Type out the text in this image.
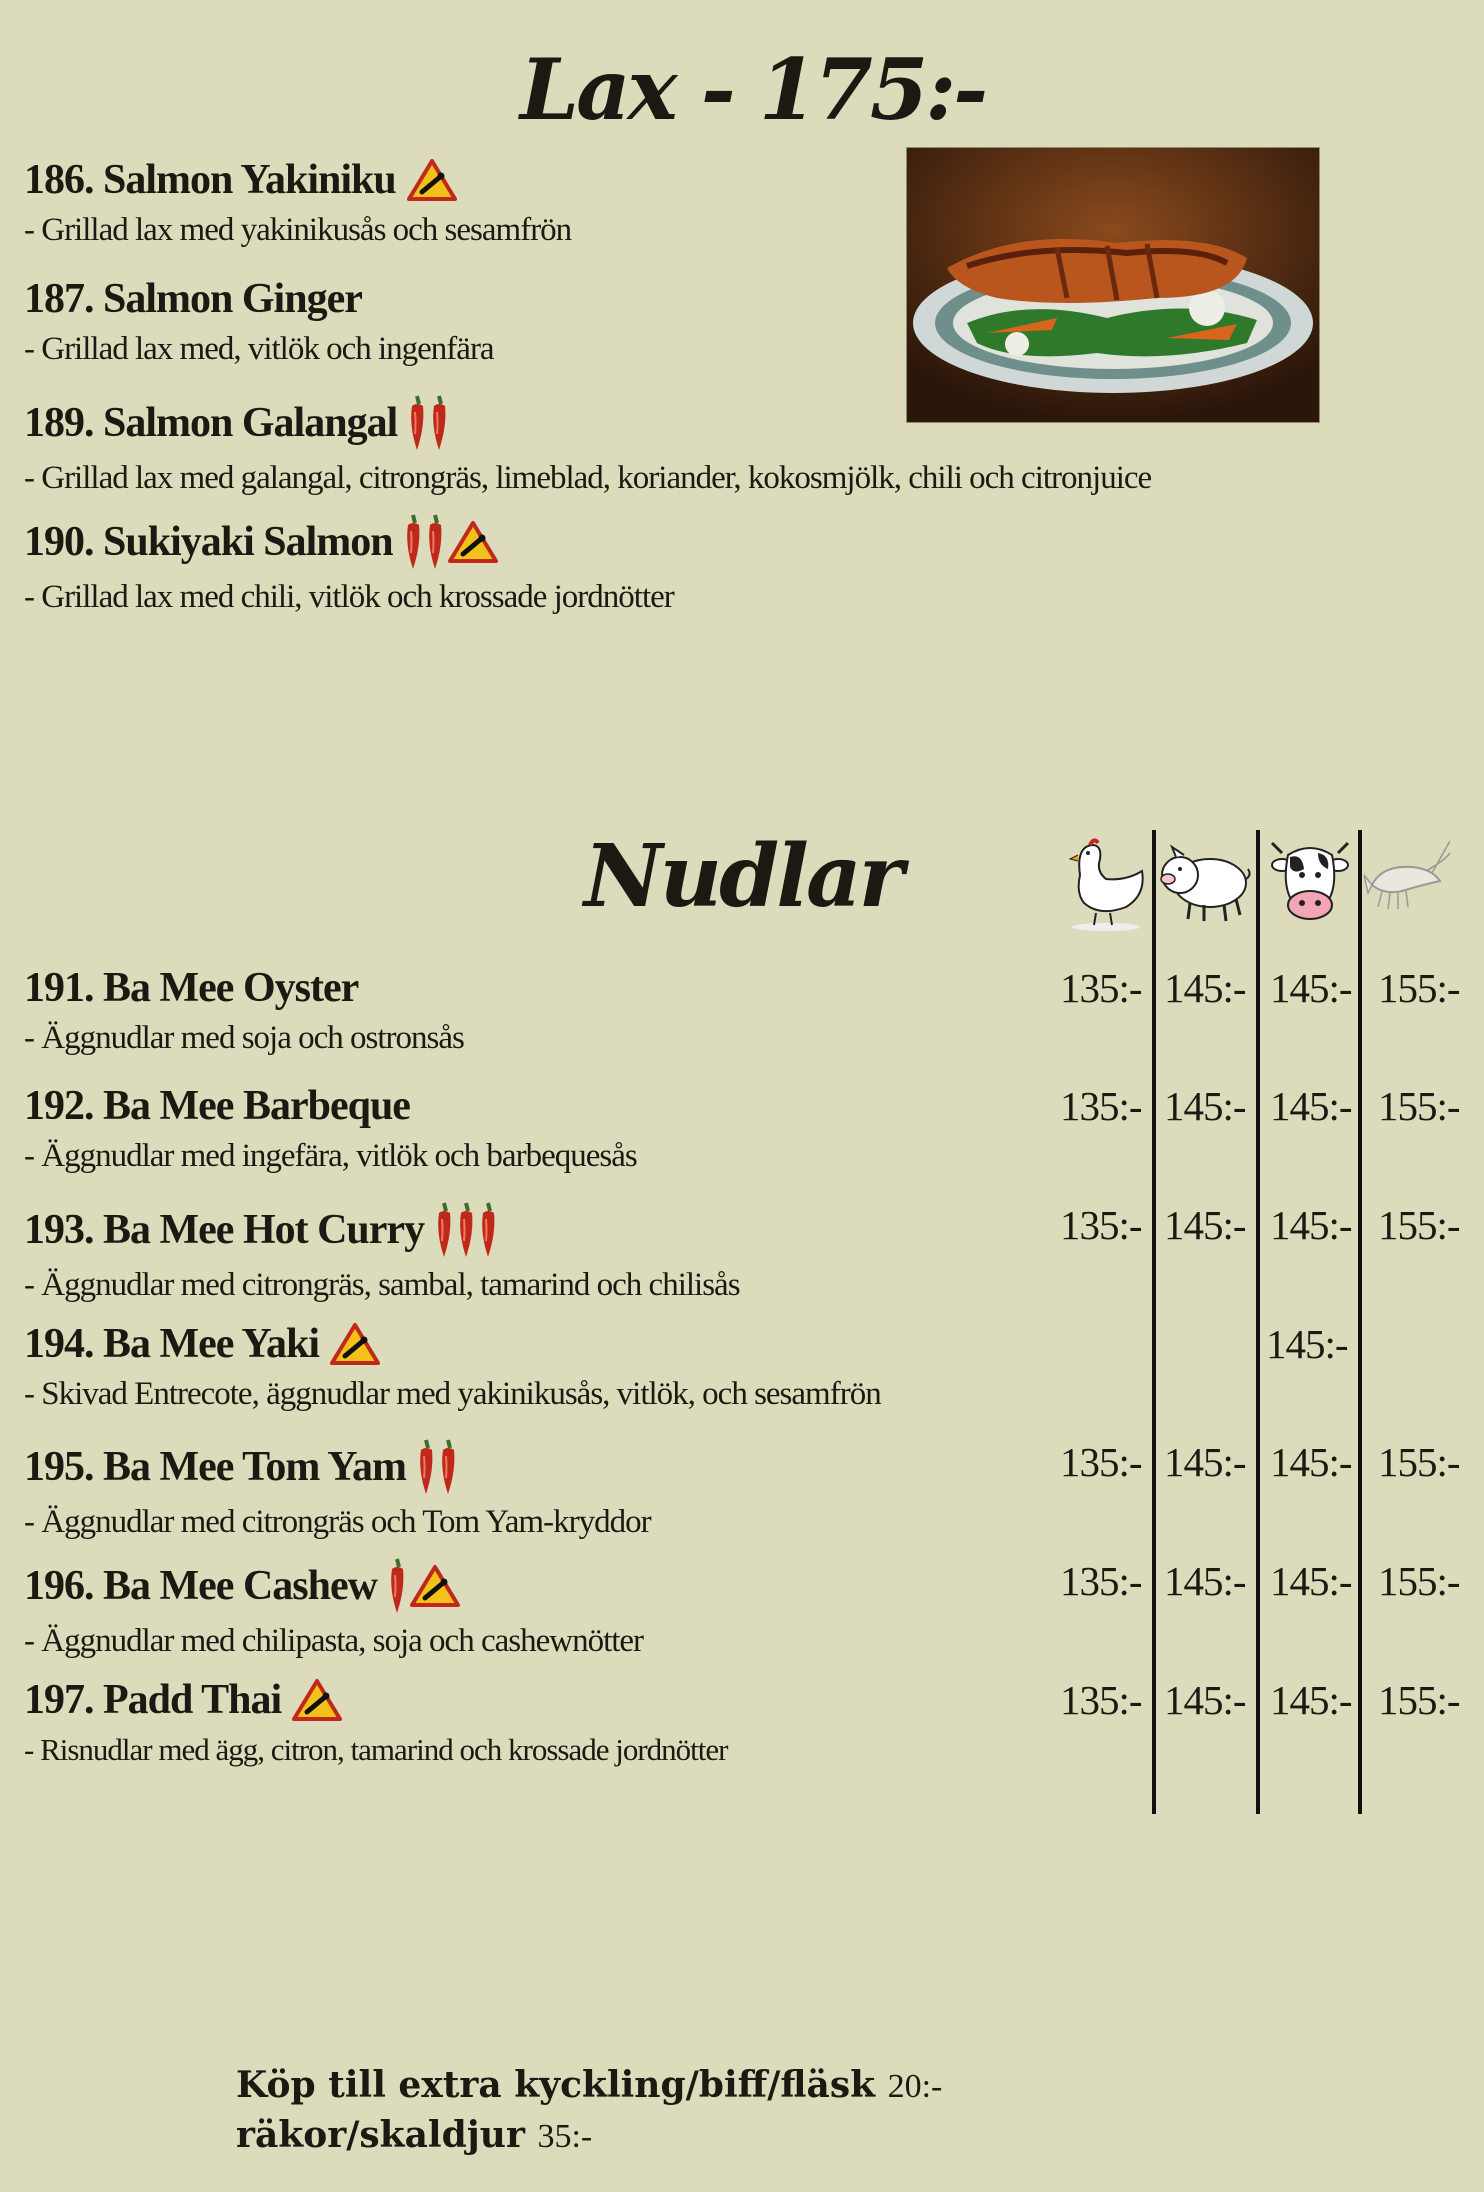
Lax - 175:-
186. Salmon Yakiniku
- Grillad lax med yakinikusås och sesamfrön
187. Salmon Ginger
- Grillad lax med, vitlök och ingenfära
189. Salmon Galangal
- Grillad lax med galangal, citrongräs, limeblad, koriander, kokosmjölk, chili och citronjuice
190. Sukiyaki Salmon
- Grillad lax med chili, vitlök och krossade jordnötter
Nudlar
191. Ba Mee Oyster
- Äggnudlar med soja och ostronsås
135:- 145:- 145:- 155:-
192. Ba Mee Barbeque
- Äggnudlar med ingefära, vitlök och barbequesås
135:- 145:- 145:- 155:-
193. Ba Mee Hot Curry
- Äggnudlar med citrongräs, sambal, tamarind och chilisås
135:- 145:- 145:- 155:-
194. Ba Mee Yaki
- Skivad Entrecote, äggnudlar med yakinikusås, vitlök, och sesamfrön
145:-
195. Ba Mee Tom Yam
- Äggnudlar med citrongräs och Tom Yam-kryddor
135:- 145:- 145:- 155:-
196. Ba Mee Cashew
- Äggnudlar med chilipasta, soja och cashewnötter
135:- 145:- 145:- 155:-
197. Padd Thai
- Risnudlar med ägg, citron, tamarind och krossade jordnötter
135:- 145:- 145:- 155:-
Köp till extra kyckling/biff/fläsk 20:-
räkor/skaldjur 35:-
